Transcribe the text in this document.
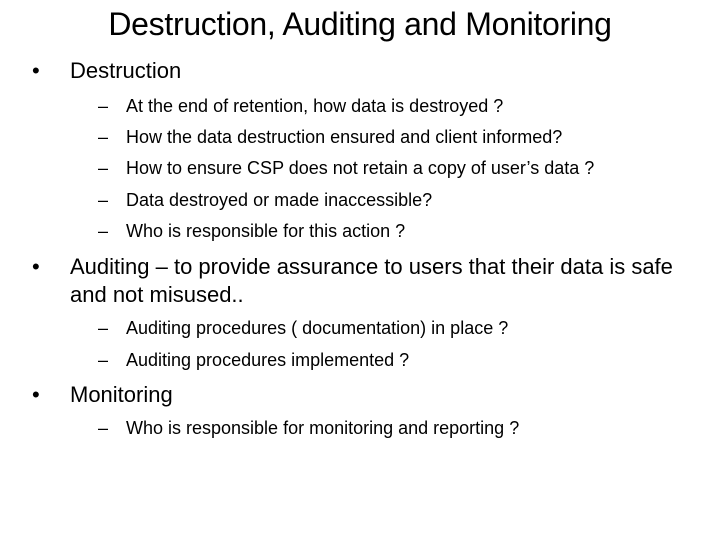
Destruction, Auditing and Monitoring
•	Destruction
– At the end of retention, how data is destroyed ?
– How the data destruction ensured and client informed?
– How to ensure CSP does not retain a copy of user’s data ?
– Data destroyed or made inaccessible?
– Who is responsible for this action ?
•	Auditing – to provide assurance to users that their data is safe and not misused..
– Auditing procedures ( documentation) in place ?
– Auditing procedures implemented ?
•	Monitoring
– Who is responsible for monitoring and reporting ?
